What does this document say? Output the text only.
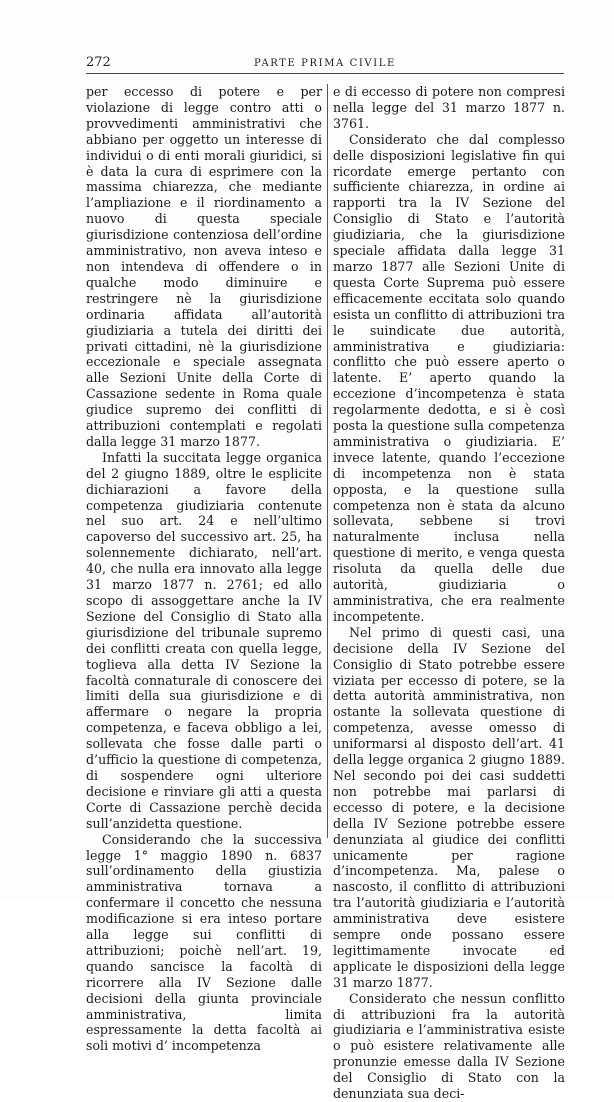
272	PARTE PRIMA CIVILE

per eccesso di potere e per violazione di legge contro atti o provvedimenti amministrativi che abbiano per oggetto un interesse di individui o di enti morali giuridici, si è data la cura di esprimere con la massima chiarezza, che mediante l’ampliazione e il riordinamento a nuovo di questa speciale giurisdizione contenziosa dell’ordine amministrativo, non aveva inteso e non intendeva di offendere o in qualche modo diminuire e restringere nè la giurisdizione ordinaria affidata all’autorità giudiziaria a tutela dei diritti dei privati cittadini, nè la giurisdizione eccezionale e speciale assegnata alle Sezioni Unite della Corte di Cassazione sedente in Roma quale giudice supremo dei conflitti di attribuzioni contemplati e regolati dalla legge 31 marzo 1877.

Infatti la succitata legge organica del 2 giugno 1889, oltre le esplicite dichiarazioni a favore della competenza giudiziaria contenute nel suo art. 24 e nell’ultimo capoverso del successivo art. 25, ha solennemente dichiarato, nell’art. 40, che nulla era innovato alla legge 31 marzo 1877 n. 2761; ed allo scopo di assoggettare anche la IV Sezione del Consiglio di Stato alla giurisdizione del tribunale supremo dei conflitti creata con quella legge, toglieva alla detta IV Sezione la facoltà connaturale di conoscere dei limiti della sua giurisdizione e di affermare o negare la propria competenza, e faceva obbligo a lei, sollevata che fosse dalle parti o d’ufficio la questione di competenza, di sospendere ogni ulteriore decisione e rinviare gli atti a questa Corte di Cassazione perchè decida sull’anzidetta questione.

Considerando che la successiva legge 1° maggio 1890 n. 6837 sull’ordinamento della giustizia amministrativa tornava a confermare il concetto che nessuna modificazione si era inteso portare alla legge sui conflitti di attribuzioni; poichè nell’art. 19, quando sancisce la facoltà di ricorrere alla IV Sezione dalle decisioni della giunta provinciale amministrativa, limita espressamente la detta facoltà ai soli motivi d’ incompetenza

e di eccesso di potere non compresi nella legge del 31 marzo 1877 n. 3761.

Considerato che dal complesso delle disposizioni legislative fin qui ricordate emerge pertanto con sufficiente chiarezza, in ordine ai rapporti tra la IV Sezione del Consiglio di Stato e l’autorità giudiziaria, che la giurisdizione speciale affidata dalla legge 31 marzo 1877 alle Sezioni Unite di questa Corte Suprema può essere efficacemente eccitata solo quando esista un conflitto di attribuzioni tra le suindicate due autorità, amministrativa e giudiziaria: conflitto che può essere aperto o latente. E’ aperto quando la eccezione d’incompetenza è stata regolarmente dedotta, e si è così posta la questione sulla competenza amministrativa o giudiziaria. E’ invece latente, quando l’eccezione di incompetenza non è stata opposta, e la questione sulla competenza non è stata da alcuno sollevata, sebbene si trovi naturalmente inclusa nella questione di merito, e venga questa risoluta da quella delle due autorità, giudiziaria o amministrativa, che era realmente incompetente.

Nel primo di questi casi, una decisione della IV Sezione del Consiglio di Stato potrebbe essere viziata per eccesso di potere, se la detta autorità amministrativa, non ostante la sollevata questione di competenza, avesse omesso di uniformarsi al disposto dell’art. 41 della legge organica 2 giugno 1889. Nel secondo poi dei casi suddetti non potrebbe mai parlarsi di eccesso di potere, e la decisione della IV Sezione potrebbe essere denunziata al giudice dei conflitti unicamente per ragione d’incompetenza. Ma, palese o nascosto, il conflitto di attribuzioni tra l’autorità giudiziaria e l’autorità amministrativa deve esistere sempre onde possano essere legittimamente invocate ed applicate le disposizioni della legge 31 marzo 1877.

Considerato che nessun conflitto di attribuzioni fra la autorità giudiziaria e l’amministrativa esiste o può esistere relativamente alle pronunzie emesse dalla IV Sezione del Consiglio di Stato con la denunziata sua deci-
